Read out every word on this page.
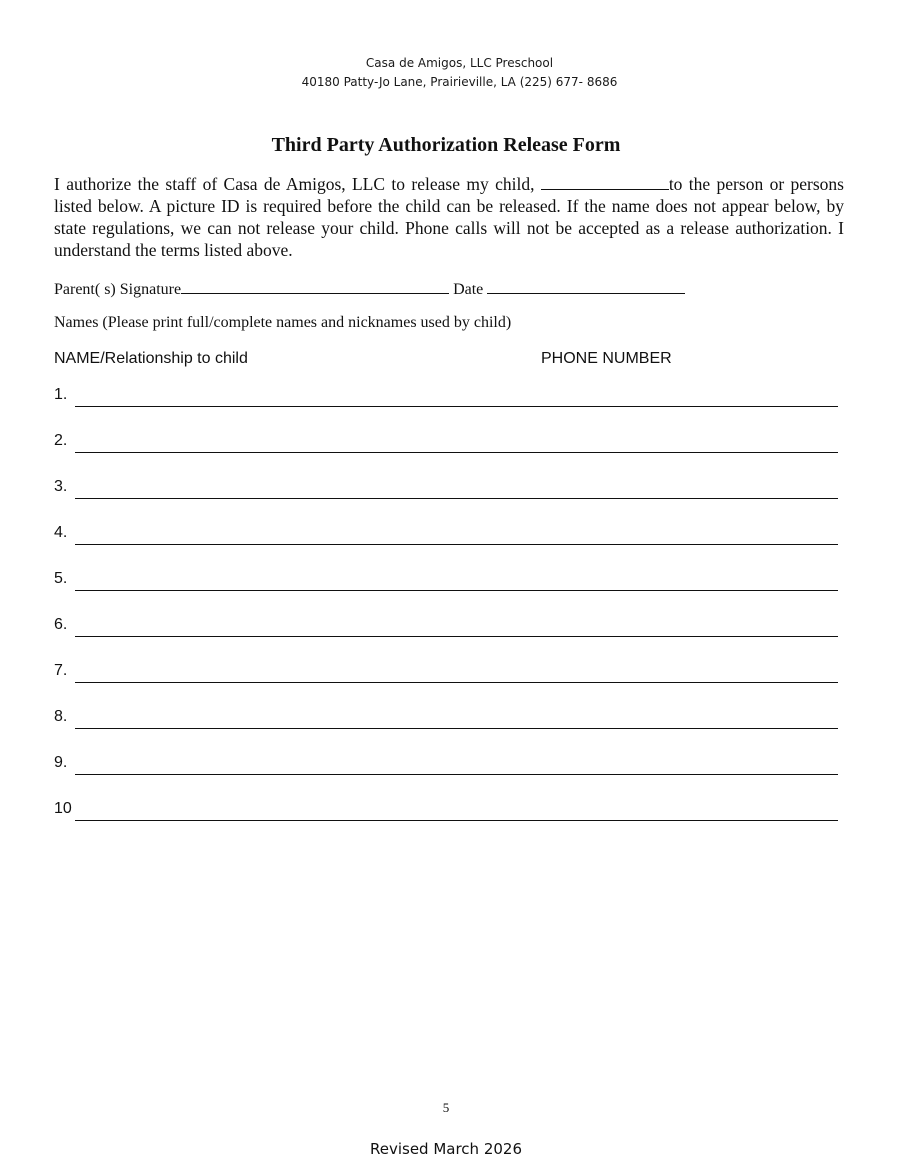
Casa de Amigos, LLC Preschool
40180 Patty-Jo Lane, Prairieville, LA (225) 677- 8686
Third Party Authorization Release Form
I authorize the staff of Casa de Amigos, LLC to release my child,	to the person or persons listed below. A picture ID is required before the child can be released. If the name does not appear below, by state regulations, we can not release your child. Phone calls will not be accepted as a release authorization. I understand the terms listed above.
Parent( s) Signature	Date
Names (Please print full/complete names and nicknames used by child)
NAME/Relationship to child	PHONE NUMBER
1.
2.
3.
4.
5.
6.
7.
8.
9.
10
5
Revised March 2026
